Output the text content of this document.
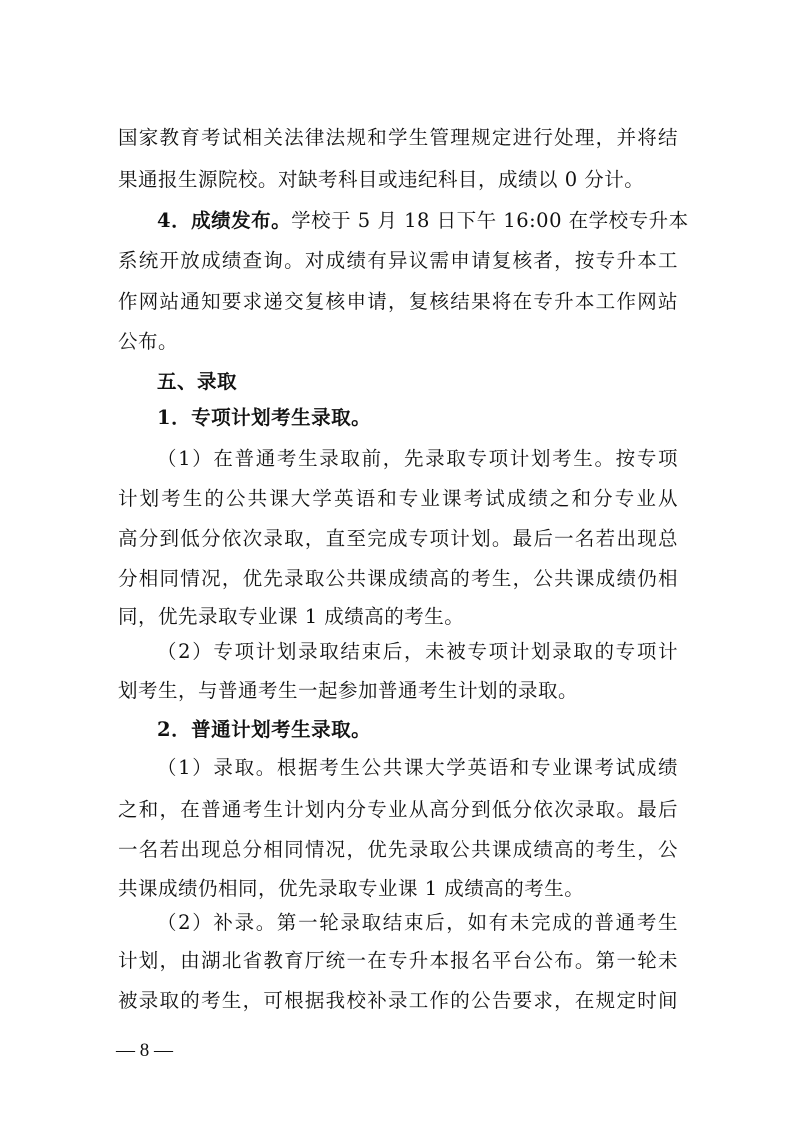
国家教育考试相关法律法规和学生管理规定进行处理，并将结
果通报生源院校。对缺考科目或违纪科目，成绩以 0 分计。
4．成绩发布。学校于 5 月 18 日下午 16:00 在学校专升本
系统开放成绩查询。对成绩有异议需申请复核者，按专升本工
作网站通知要求递交复核申请，复核结果将在专升本工作网站
公布。
五、录取
1．专项计划考生录取。
（1）在普通考生录取前，先录取专项计划考生。按专项
计划考生的公共课大学英语和专业课考试成绩之和分专业从
高分到低分依次录取，直至完成专项计划。最后一名若出现总
分相同情况，优先录取公共课成绩高的考生，公共课成绩仍相
同，优先录取专业课 1 成绩高的考生。
（2）专项计划录取结束后，未被专项计划录取的专项计
划考生，与普通考生一起参加普通考生计划的录取。
2．普通计划考生录取。
（1）录取。根据考生公共课大学英语和专业课考试成绩
之和，在普通考生计划内分专业从高分到低分依次录取。最后
一名若出现总分相同情况，优先录取公共课成绩高的考生，公
共课成绩仍相同，优先录取专业课 1 成绩高的考生。
（2）补录。第一轮录取结束后，如有未完成的普通考生
计划，由湖北省教育厅统一在专升本报名平台公布。第一轮未
被录取的考生，可根据我校补录工作的公告要求，在规定时间
— 8 —
